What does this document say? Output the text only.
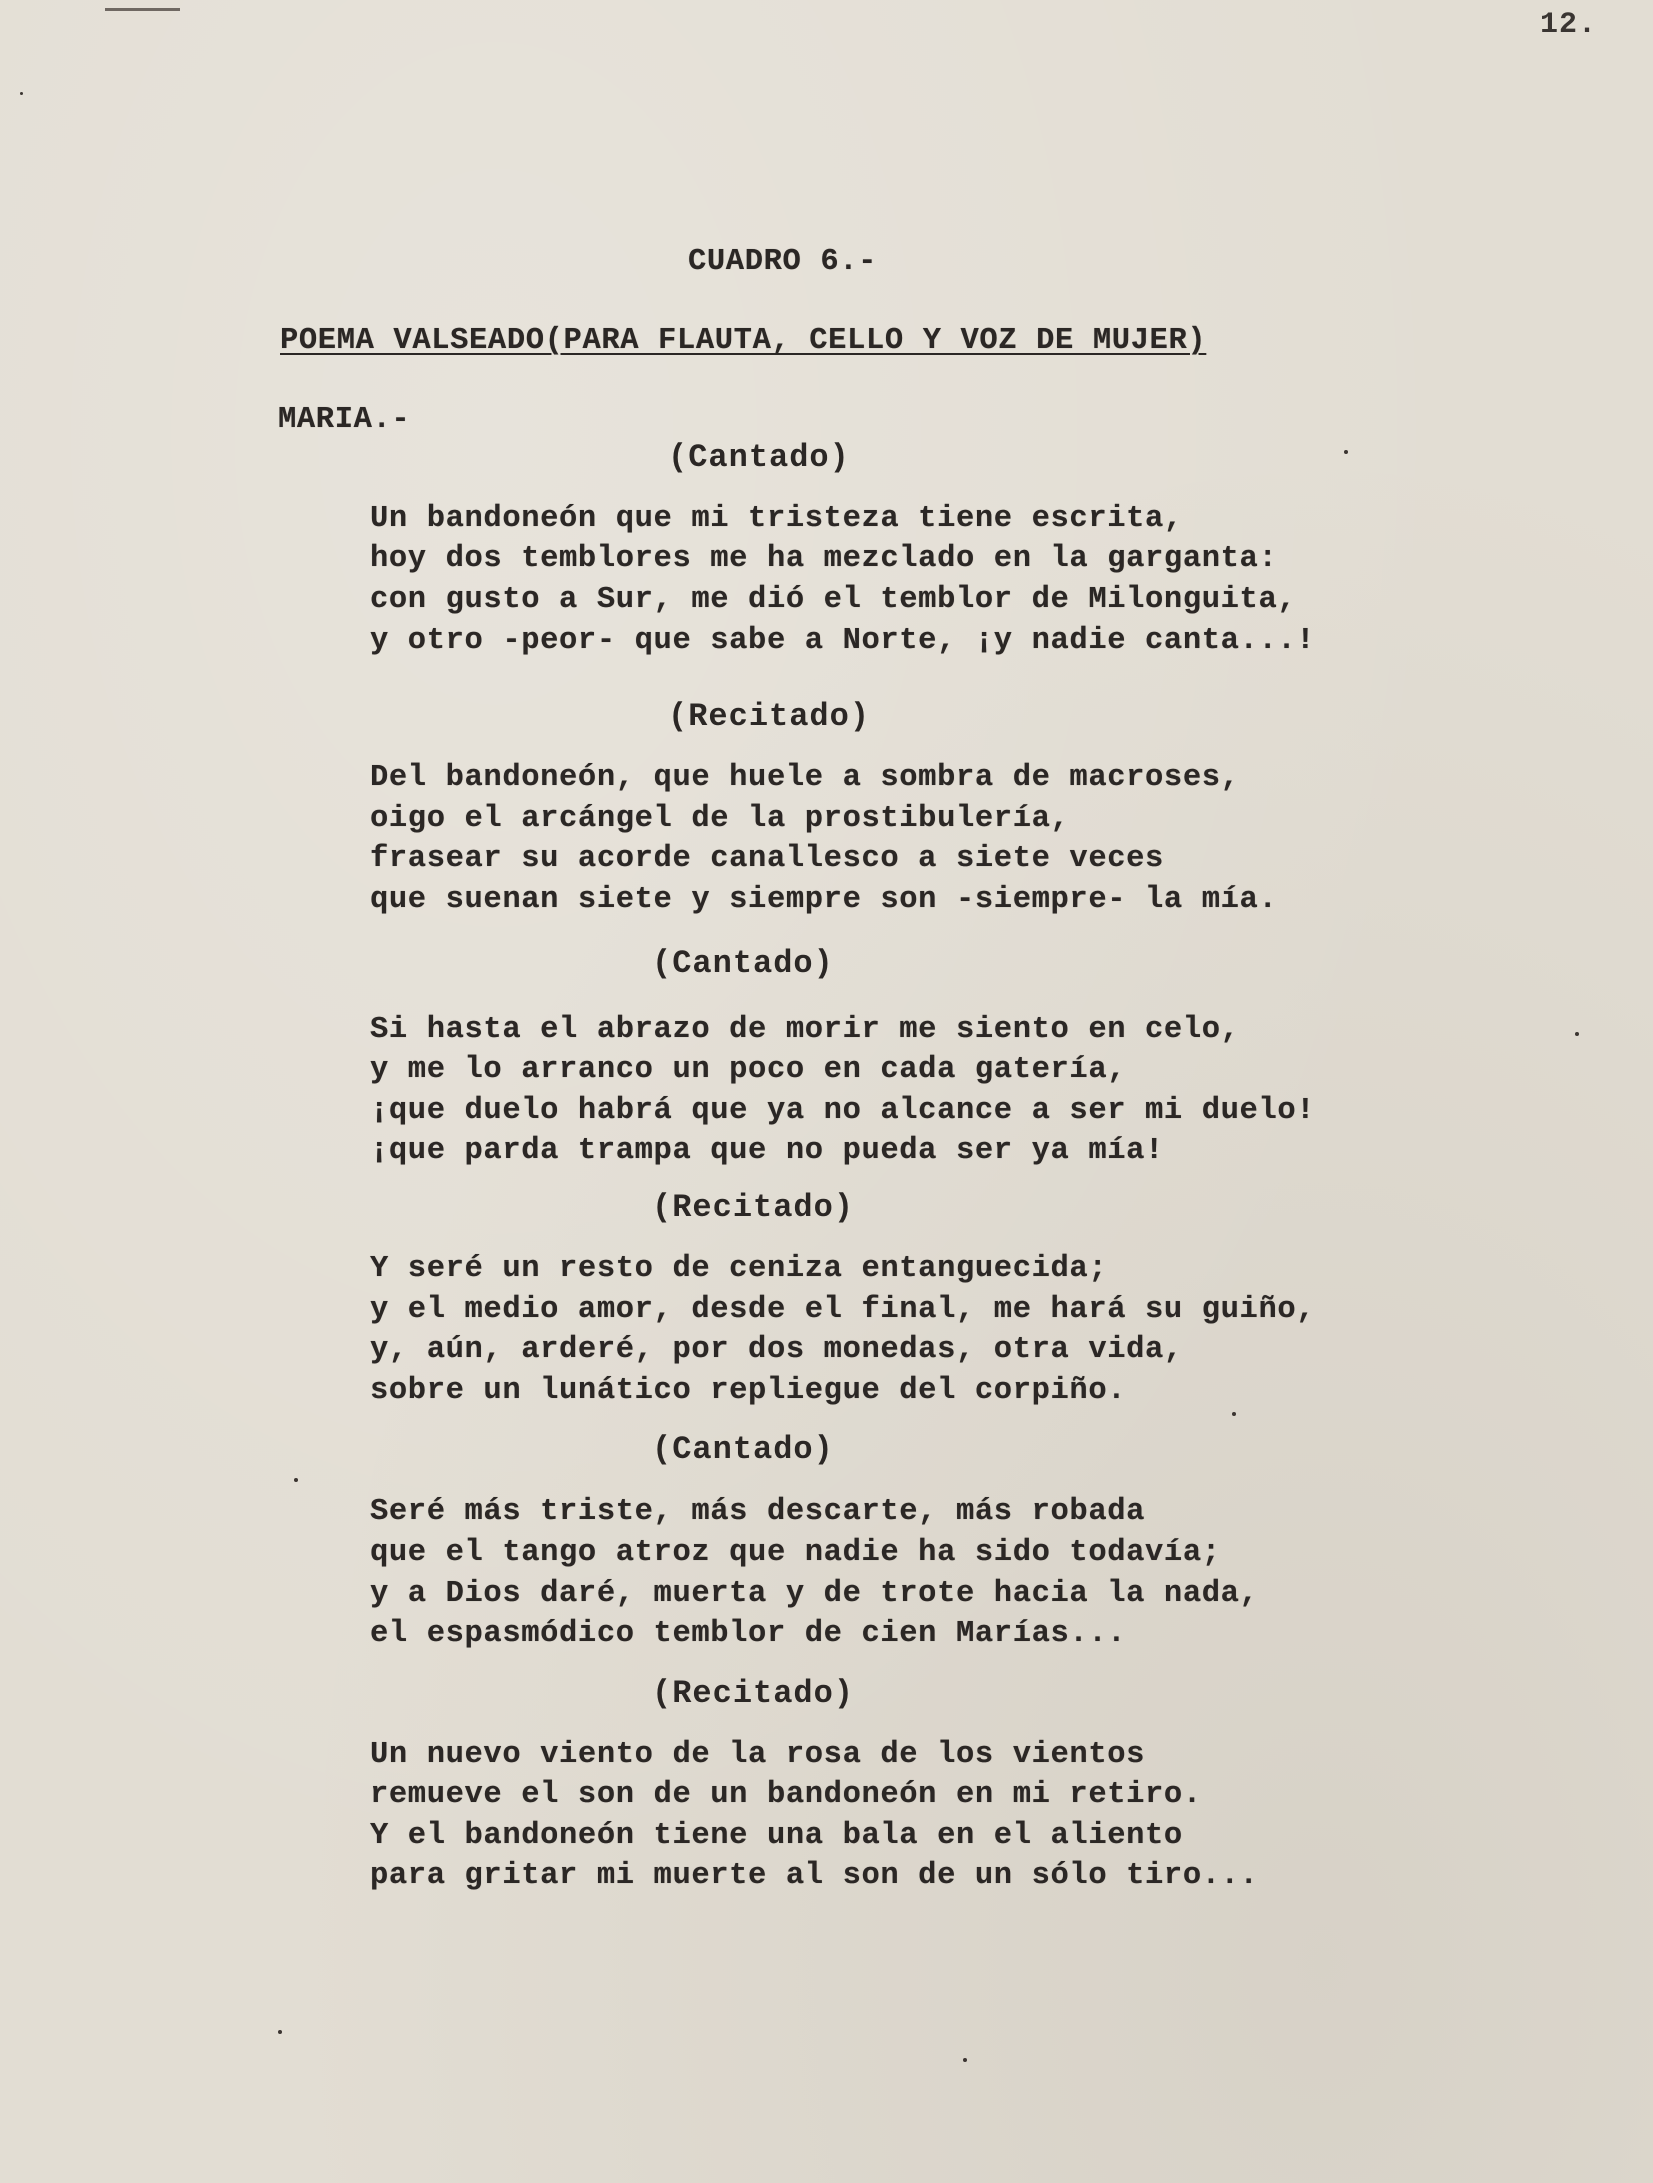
12.
CUADRO 6.-
POEMA VALSEADO(PARA FLAUTA, CELLO Y VOZ DE MUJER)
MARIA.-
(Cantado)
Un bandoneón que mi tristeza tiene escrita,
hoy dos temblores me ha mezclado en la garganta:
con gusto a Sur, me dió el temblor de Milonguita,
y otro -peor- que sabe a Norte, ¡y nadie canta...!
(Recitado)
Del bandoneón, que huele a sombra de macroses,
oigo el arcángel de la prostibulería,
frasear su acorde canallesco a siete veces
que suenan siete y siempre son -siempre- la mía.
(Cantado)
Si hasta el abrazo de morir me siento en celo,
y me lo arranco un poco en cada gatería,
¡que duelo habrá que ya no alcance a ser mi duelo!
¡que parda trampa que no pueda ser ya mía!
(Recitado)
Y seré un resto de ceniza entanguecida;
y el medio amor, desde el final, me hará su guiño,
y, aún, arderé, por dos monedas, otra vida,
sobre un lunático repliegue del corpiño.
(Cantado)
Seré más triste, más descarte, más robada
que el tango atroz que nadie ha sido todavía;
y a Dios daré, muerta y de trote hacia la nada,
el espasmódico temblor de cien Marías...
(Recitado)
Un nuevo viento de la rosa de los vientos
remueve el son de un bandoneón en mi retiro.
Y el bandoneón tiene una bala en el aliento
para gritar mi muerte al son de un sólo tiro...
